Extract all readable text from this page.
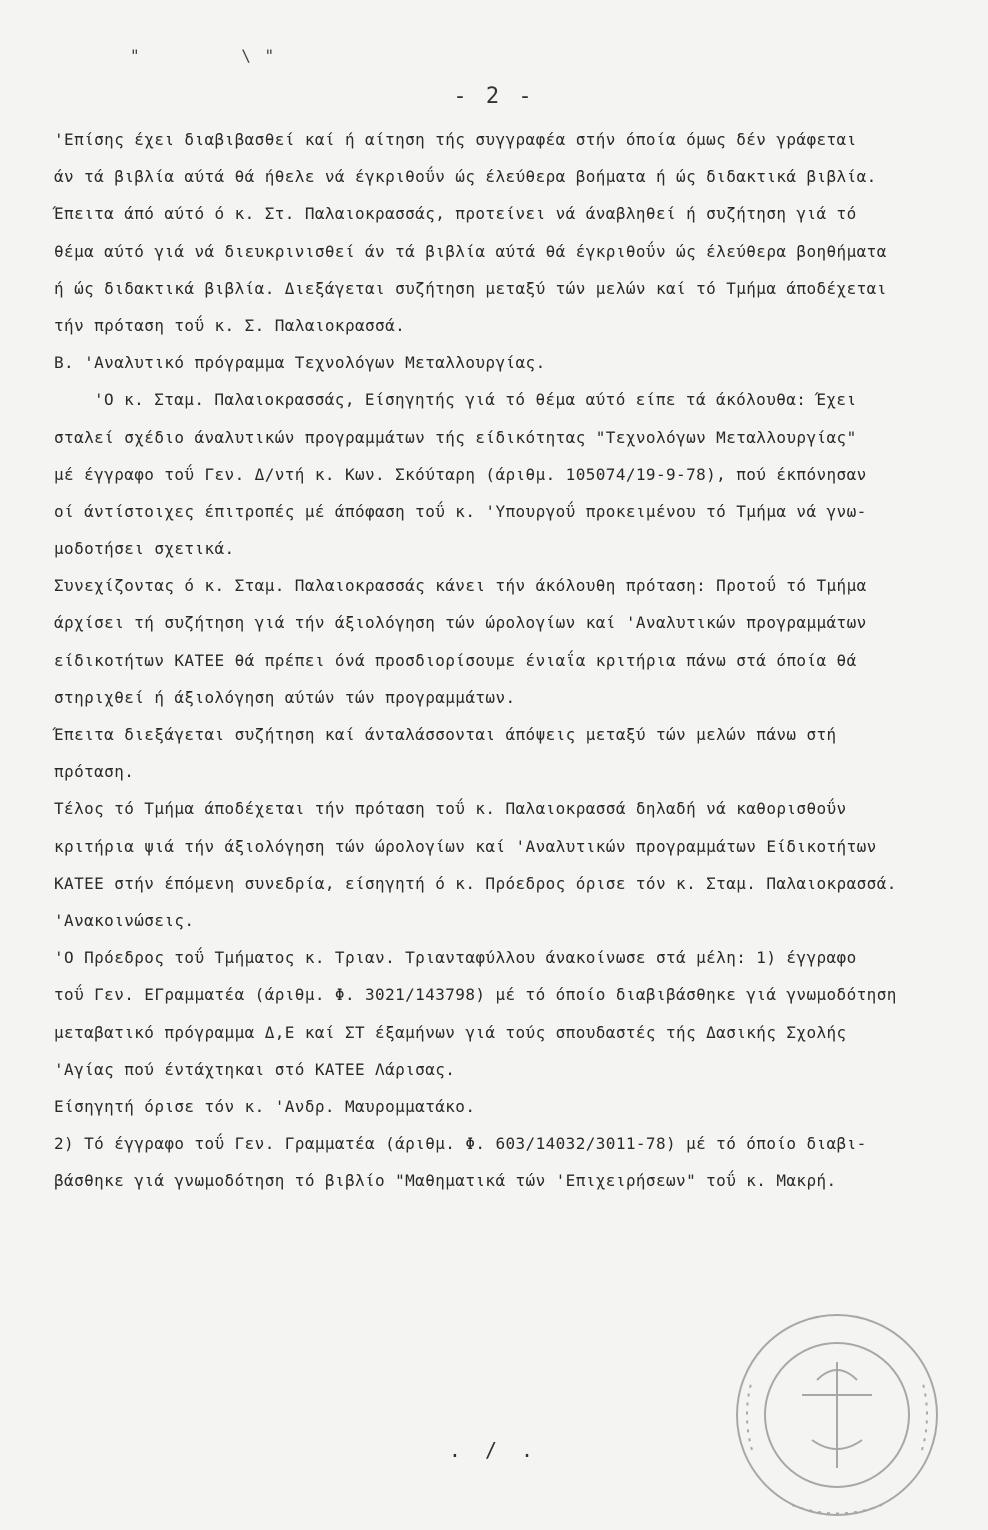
"	\ "
- 2 -
'Επίσης έχει διαβιβασθεί καί ή αίτηση τής συγγραφέα στήν όποία όμως δέν γράφεται
άν τά βιβλία αύτά θά ήθελε νά έγκριθοΰν ώς έλεύθερα βοήματα ή ώς διδακτικά βιβλία.
Έπειτα άπό αύτό ό κ. Στ. Παλαιοκρασσάς, προτείνει νά άναβληθεί ή συζήτηση γιά τό
θέμα αύτό γιά νά διευκρινισθεί άν τά βιβλία αύτά θά έγκριθοΰν ώς έλεύθερα βοηθήματα
ή ώς διδακτικά βιβλία. Διεξάγεται συζήτηση μεταξύ τών μελών καί τό Τμήμα άποδέχεται
τήν πρόταση τοΰ κ. Σ. Παλαιοκρασσά.
Β. 'Αναλυτικό πρόγραμμα Τεχνολόγων Μεταλλουργίας.
'Ο κ. Σταμ. Παλαιοκρασσάς, Είσηγητής γιά τό θέμα αύτό είπε τά άκόλουθα: Έχει
σταλεί σχέδιο άναλυτικών προγραμμάτων τής είδικότητας "Τεχνολόγων Μεταλλουργίας"
μέ έγγραφο τοΰ Γεν. Δ/ντή κ. Κων. Σκόύταρη (άριθμ. 105074/19-9-78), πού έκπόνησαν
οί άντίστοιχες έπιτροπές μέ άπόφαση τοΰ κ. 'Υπουργοΰ προκειμένου τό Τμήμα νά γνω-
μοδοτήσει σχετικά.
Συνεχίζοντας ό κ. Σταμ. Παλαιοκρασσάς κάνει τήν άκόλουθη πρόταση: Προτοΰ τό Τμήμα
άρχίσει τή συζήτηση γιά τήν άξιολόγηση τών ώρολογίων καί 'Αναλυτικών προγραμμάτων
είδικοτήτων ΚΑΤΕΕ θά πρέπει όνά προσδιορίσουμε ένιαΐα κριτήρια πάνω στά όποία θά
στηριχθεί ή άξιολόγηση αύτών τών προγραμμάτων.
Έπειτα διεξάγεται συζήτηση καί άνταλάσσονται άπόψεις μεταξύ τών μελών πάνω στή
πρόταση.
Τέλος τό Τμήμα άποδέχεται τήν πρόταση τοΰ κ. Παλαιοκρασσά δηλαδή νά καθορισθοΰν
κριτήρια ψιά τήν άξιολόγηση τών ώρολογίων καί 'Αναλυτικών προγραμμάτων Είδικοτήτων
ΚΑΤΕΕ στήν έπόμενη συνεδρία, είσηγητή ό κ. Πρόεδρος όρισε τόν κ. Σταμ. Παλαιοκρασσά.
'Ανακοινώσεις.
'Ο Πρόεδρος τοΰ Τμήματος κ. Τριαν. Τριανταφύλλου άνακοίνωσε στά μέλη: 1) έγγραφο
τοΰ Γεν. ΕΓραμματέα (άριθμ. Φ. 3021/143798) μέ τό όποίο διαβιβάσθηκε γιά γνωμοδότηση
μεταβατικό πρόγραμμα Δ,Ε καί ΣΤ έξαμήνων γιά τούς σπουδαστές τής Δασικής Σχολής
'Αγίας πού έντάχτηκαι στό ΚΑΤΕΕ Λάρισας.
Είσηγητή όρισε τόν κ. 'Ανδρ. Μαυρομματάκο.
2) Τό έγγραφο τοΰ Γεν. Γραμματέα (άριθμ. Φ. 603/14032/3011-78) μέ τό όποίο διαβι-
βάσθηκε γιά γνωμοδότηση τό βιβλίο "Μαθηματικά τών 'Επιχειρήσεων" τοΰ κ. Μακρή.
. / .
